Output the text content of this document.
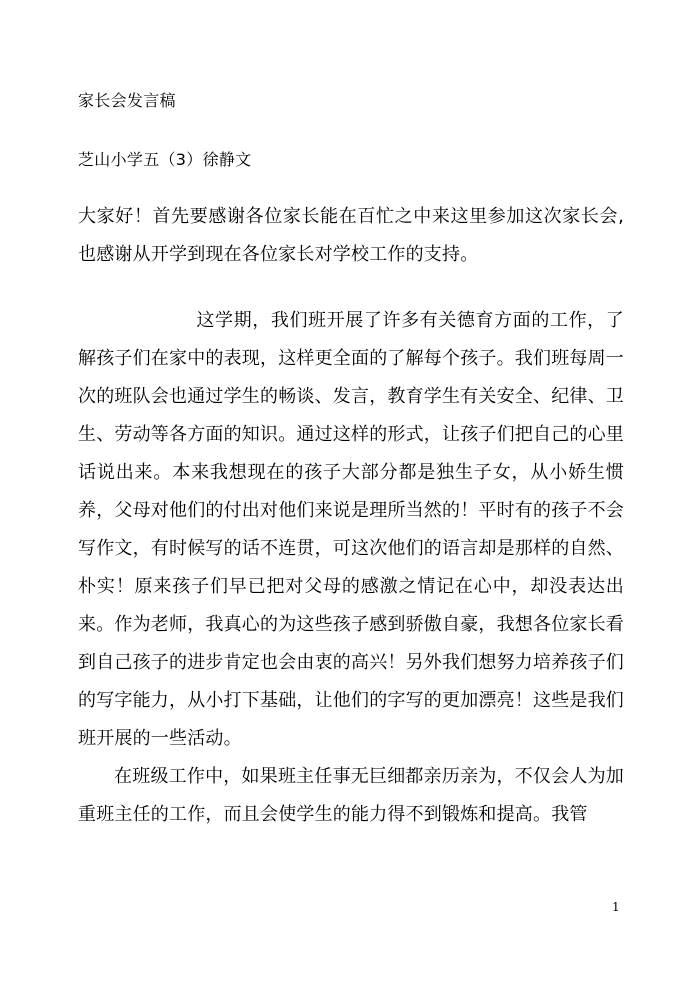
家长会发言稿
芝山小学五（3）徐静文

大家好！首先要感谢各位家长能在百忙之中来这里参加这次家长会,也感谢从开学到现在各位家长对学校工作的支持。

这学期，我们班开展了许多有关德育方面的工作，了解孩子们在家中的表现，这样更全面的了解每个孩子。我们班每周一次的班队会也通过学生的畅谈、发言，教育学生有关安全、纪律、卫生、劳动等各方面的知识。通过这样的形式，让孩子们把自己的心里话说出来。本来我想现在的孩子大部分都是独生子女，从小娇生惯养，父母对他们的付出对他们来说是理所当然的！平时有的孩子不会写作文，有时候写的话不连贯，可这次他们的语言却是那样的自然、朴实！原来孩子们早已把对父母的感激之情记在心中，却没表达出来。作为老师，我真心的为这些孩子感到骄傲自豪，我想各位家长看到自己孩子的进步肯定也会由衷的高兴！另外我们想努力培养孩子们的写字能力，从小打下基础，让他们的字写的更加漂亮！这些是我们班开展的一些活动。

在班级工作中，如果班主任事无巨细都亲历亲为，不仅会人为加重班主任的工作，而且会使学生的能力得不到锻炼和提高。我管

1
